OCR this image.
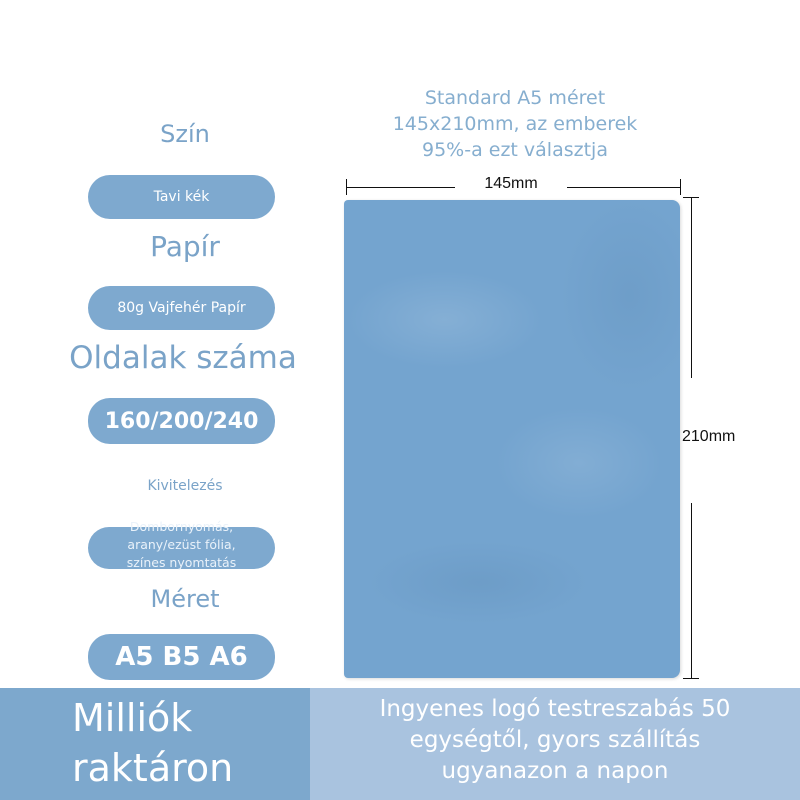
Szín
Tavi kék
Papír
80g Vajfehér Papír
Oldalak száma
160/200/240
Kivitelezés
Dombornyomás,
arany/ezüst fólia,
színes nyomtatás
Méret
A5 B5 A6
Standard A5 méret
145x210mm, az emberek
95%-a ezt választja
145mm
210mm
Milliók
raktáron
Ingyenes logó testreszabás 50
egységtől, gyors szállítás
ugyanazon a napon
